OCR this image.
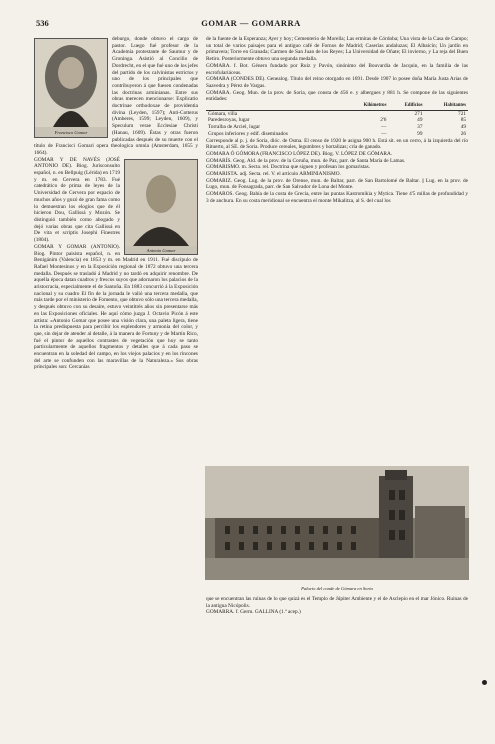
536	GOMAR — GOMARRA
Francisco Gomar

deburgo, donde obtuvo el cargo de pastor. Luego fué profesor de la Academia protestante de Saumur y de Groninga. Asistió al Concilio de Dordrecht, en el que fué uno de los jefes del partido de los calvinistas estrictos y uno de los principales que contribuyeron á que fuesen condenadas las doctrinas arminianas. Entre sus obras merecen mencionarse: Explicatio doctrinae orthodoxae de providentia divina (Leyden, 1597); Anti-Cotterus (Amberes, 1599; Leyden, 1609), y Speculum verae Ecclesiae Christi (Hanau, 1609). Éstas y otras fueron publicadas después de su muerte con el título de Francisci Gomari opera theologica omnia (Amsterdam, 1655 y 1664).

Antonio Gomar

GOMAR Y DE NAVÉS (JOSÉ ANTONIO DE). Biog. Jurisconsulto español, n. en Bellpuig (Lérida) en 1719 y m. en Cervera en 1783. Fué catedrático de prima de leyes de la Universidad de Cervera por espacio de muchos años y gozó de gran fama como lo demuestran los elogios que de él hicieron Dou, Gallissá y Mozón. Se distinguió también como abogado y dejó varias obras que cita Gallissá en De vita et scriptis Josephi Finestres (1804).

GOMAR Y GOMAR (ANTONIO). Biog. Pintor paisista español, n. en Benigánim (Valencia) en 1853 y m. en Madrid en 1911. Fué discípulo de Rafael Montesinos y en la Exposición regional de 1872 obtuvo una tercera medalla. Después se trasladó á Madrid y no tardó en adquirir renombre. De aquella época datan cuadros y frescos suyos que adornaron los palacios de la aristocracia, especialmente el de Santoña. En 1883 concurrió á la Exposición nacional y su cuadro El fin de la jornada le valió una tercera medalla, que más tarde por el ministerio de Fomento, que obtuvo sólo una tercera medalla, y después obtuvo con su desaire, estuvo veintitrés años sin presentarse más en las Exposiciones oficiales. He aquí cómo juzga J. Octavio Picón á este artista: «Antonio Gomar que posee una visión clara, una paleta ligera, tiene la retina predispuesta para percibir los esplendores y armonía del color, y que, sin dejar de atender al detalle, á la manera de Fortuny y de Martín Rico, fué el pintor de aquellos contrastes de vegetación que hoy se tanto particularmente de aquellos fragmentos y detalles que á cada paso se encuentran en la soledad del campo, en los viejos palacios y en los rincones del arte se confunden con las maravillas de la Naturaleza.» Sus obras principales son: Cercanías

de la fuente de la Esperanza; Ayer y hoy; Cementerio de Morella; Las ermitas de Córdoba; Una vista de la Casa de Campo; un total de varios paisajes para el antiguo café de Fornos de Madrid; Caserías andaluzas; El Albaicín; Un jardín en primavera; Torre en Granada; Carmen de San Juan de los Reyes; La Universidad de Oñate; El invierno, y La reja del Buen Retiro. Posteriormente obtuvo una segunda medalla.

GOMARA. f. Bot. Género fundado por Ruiz y Pavón, sinónimo del Bouvardia de Jacquin, en la familia de las escrofulariáceas.

GOMARA (CONDES DE). Genealog. Título del reino otorgado en 1691. Desde 1907 lo posee doña María Justa Arias de Saavedra y Pérez de Vargas.

GOMARA. Geog. Mun. de la prov. de Soria, que consta de 456 e. y albergues y 881 h. Se compone de las siguientes entidades:

	Kilómetros	Edificios	Habitantes
Gómara, villa		271	721
Paredesroyas, lugar	2'6	49	85
Torralba de Arciel, lugar	—	37	49
Grupos inferiores y edif. diseminados	—	99	26

Corresponde al p. j. de Soria, dióc. de Osma. El censo de 1920 le asigna 900 h. Está sit. en un cerro, á la izquierda del río Rituerto, al SE. de Soria. Produce cereales, legumbres y hortalizas; cría de ganado.

GOMARA Ó GÓMORA (FRANCISCO LÓPEZ DE). Biog. V. LÓPEZ DE GÓMARA.

GOMARÍS. Geog. Ald. de la prov. de la Coruña, mun. de Paz, parr. de Santa María de Lamas.

GOMARISMO. m. Secta. rel. Doctrina que siguen y profesan los gomaristas.

GOMARISTA. adj. Secta. rel. V. el artículo ARMINIANISMO.

GOMARIZ. Geog. Lug. de la prov. de Orense, mun. de Baltar, parr. de San Bartolomé de Baltar. || Lug. en la prov. de Lugo, mun. de Fonsagrada, parr. de San Salvador de Lona del Monte.

GOMAROS. Geog. Bahía de la costa de Grecia, entre las puntas Kastromikia y Mytica. Tiene 4'5 millas de profundidad y 3 de anchura. En su costa meridional se encuentra el monte Mikalitza, al S. del cual los

Palacio del conde de Gómara en Soria

que se encuentran las ruinas de lo que quizá es el Templo de Júpiter Ambiente y el de Asclepio en el mar Jónico. Ruinas de la antigua Nicópolis.

GOMARRA. f. Germ. GALLINA (1.ª acep.)
